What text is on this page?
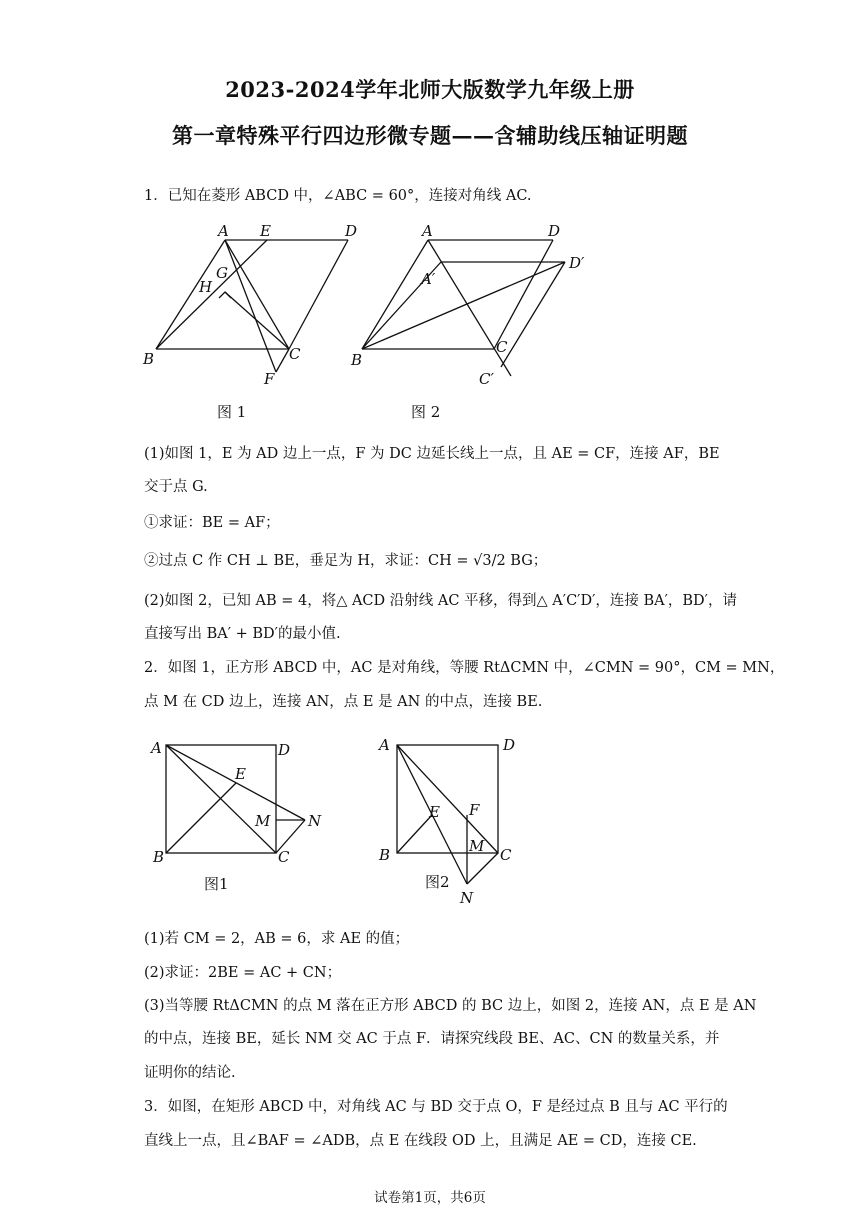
2023-2024学年北师大版数学九年级上册
第一章特殊平行四边形微专题——含辅助线压轴证明题
1．已知在菱形 ABCD 中，∠ABC = 60°，连接对角线 AC.
A E	D
G
H
B	C
F
图 1
A	D
D′
A′
B
C
C′
图 2
(1)如图 1，E 为 AD 边上一点，F 为 DC 边延长线上一点，且 AE = CF，连接 AF，BE
交于点 G.
①求证：BE = AF；
②过点 C 作 CH ⊥ BE，垂足为 H，求证：CH = √3/2 BG；
(2)如图 2，已知 AB = 4，将△ ACD 沿射线 AC 平移，得到△ A′C′D′，连接 BA′，BD′，请
直接写出 BA′ + BD′的最小值.
2．如图 1，正方形 ABCD 中，AC 是对角线，等腰 RtΔCMN 中，∠CMN = 90°，CM = MN，
点 M 在 CD 边上，连接 AN，点 E 是 AN 的中点，连接 BE.
A	D
E
M	N
B	C
图1
A	D
F
E
M
B	C
N
图2
(1)若 CM = 2，AB = 6，求 AE 的值；
(2)求证：2BE = AC + CN；
(3)当等腰 RtΔCMN 的点 M 落在正方形 ABCD 的 BC 边上，如图 2，连接 AN，点 E 是 AN
的中点，连接 BE，延长 NM 交 AC 于点 F．请探究线段 BE、AC、CN 的数量关系，并
证明你的结论.
3．如图，在矩形 ABCD 中，对角线 AC 与 BD 交于点 O，F 是经过点 B 且与 AC 平行的
直线上一点，且∠BAF = ∠ADB，点 E 在线段 OD 上，且满足 AE = CD，连接 CE.
试卷第1页，共6页
